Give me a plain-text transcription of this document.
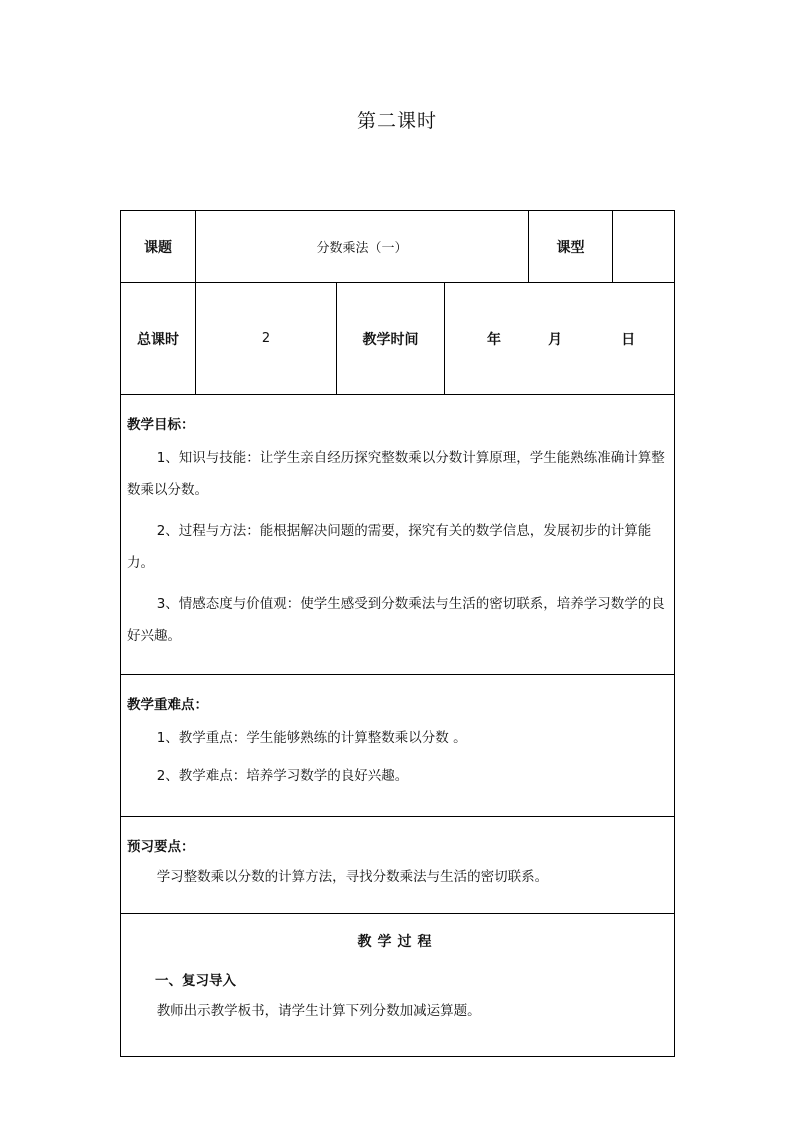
第二课时
课题	分数乘法（一）			课型	
总课时	2	教学时间	年 月 日		

教学目标：
1、知识与技能：让学生亲自经历探究整数乘以分数计算原理，学生能熟练准确计算整数乘以分数。
2、过程与方法：能根据解决问题的需要，探究有关的数学信息，发展初步的计算能力。
3、情感态度与价值观：使学生感受到分数乘法与生活的密切联系，培养学习数学的良好兴趣。					

教学重难点：
1、教学重点：学生能够熟练的计算整数乘以分数 。
2、教学难点：培养学习数学的良好兴趣。					

预习要点：
学习整数乘以分数的计算方法，寻找分数乘法与生活的密切联系。					

教学过程
一、复习导入
教师出示教学板书，请学生计算下列分数加减运算题。					
